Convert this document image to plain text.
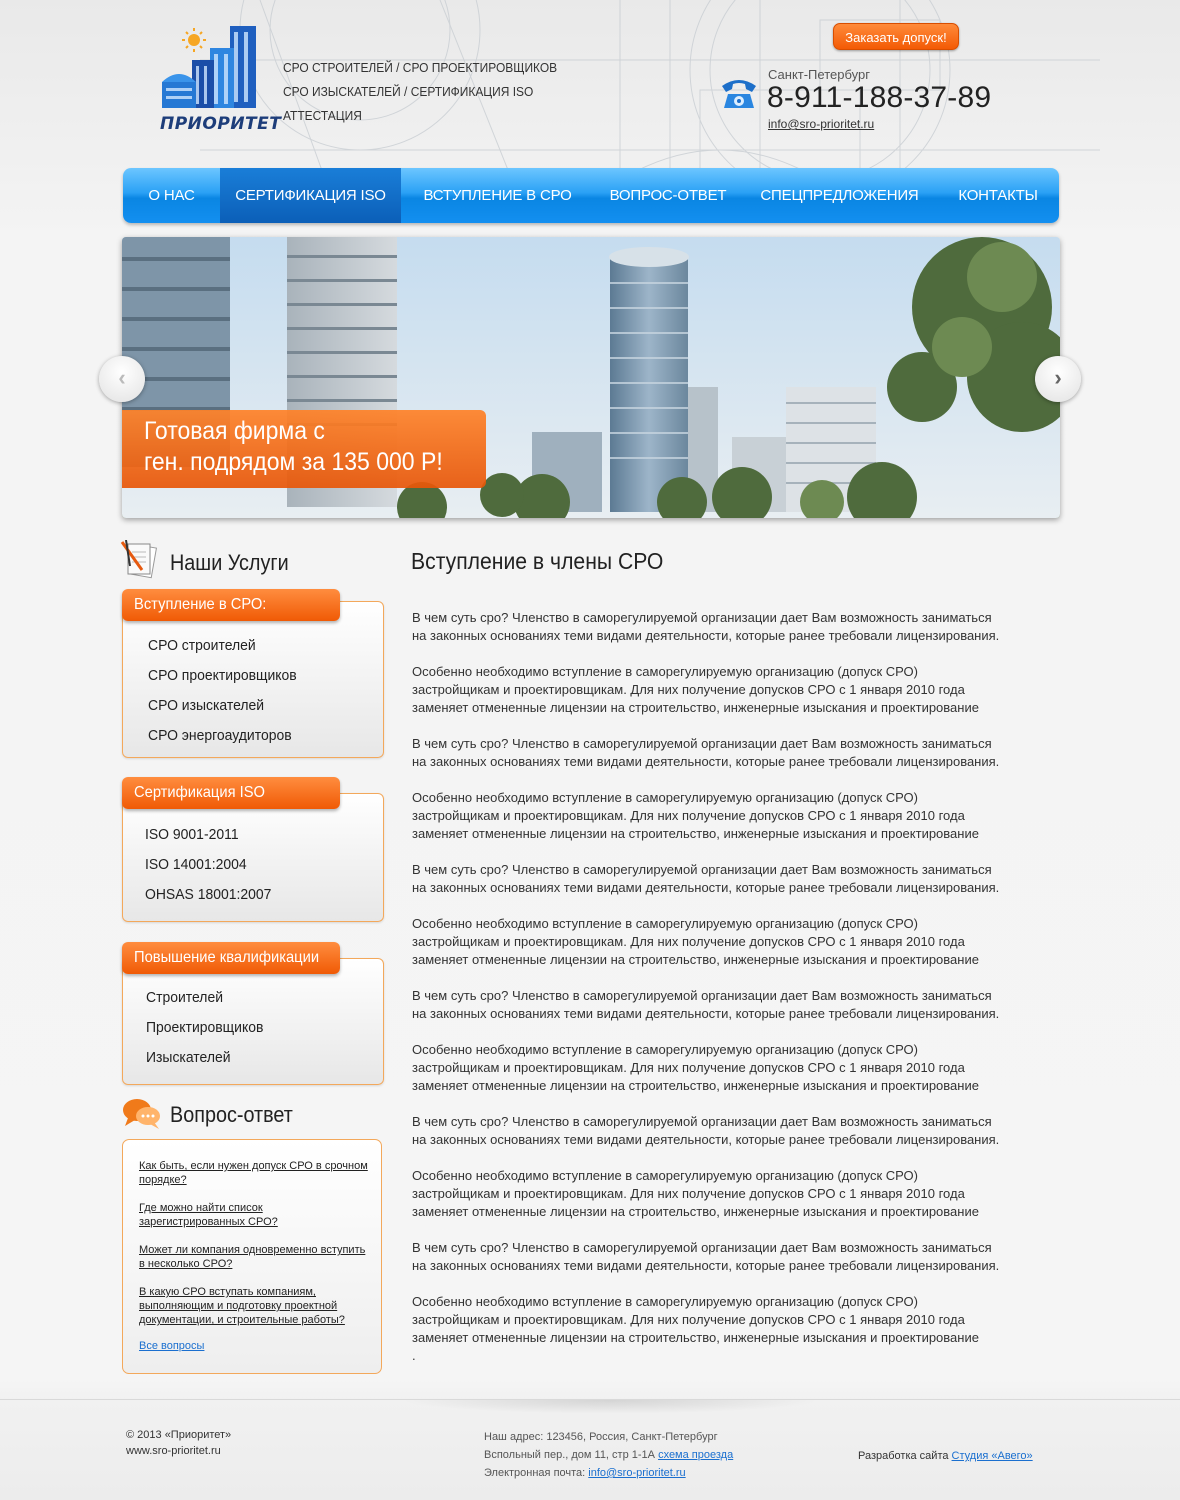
ПРИОРИТЕТ
СРО СТРОИТЕЛЕЙ / СРО ПРОЕКТИРОВЩИКОВ
СРО ИЗЫСКАТЕЛЕЙ / СЕРТИФИКАЦИЯ ISO
АТТЕСТАЦИЯ
Заказать допуск!
Санкт-Петербург
8-911-188-37-89
info@sro-prioritet.ru
О НАС	СЕРТИФИКАЦИЯ ISO	ВСТУПЛЕНИЕ В СРО	ВОПРОС-ОТВЕТ	СПЕЦПРЕДЛОЖЕНИЯ	КОНТАКТЫ
Готовая фирма с
ген. подрядом за 135 000 Р!
‹	›
Наши Услуги
СРО строителей
СРО проектировщиков
СРО изыскателей
СРО энергоаудиторов
Вступление в СРО:
ISO 9001-2011
ISO 14001:2004
OHSAS 18001:2007
Сертификация ISO
Строителей
Проектировщиков
Изыскателей
Повышение квалификации
Вопрос-ответ
Как быть, если нужен допуск СРО в срочном порядке?
Где можно найти список зарегистрированных СРО?
Может ли компания одновременно вступить в несколько СРО?
В какую СРО вступать компаниям, выполняющим и подготовку проектной документации, и строительные работы?
Все вопросы
Вступление в члены СРО

В чем суть сро? Членство в саморегулируемой организации дает Вам возможность заниматься
на законных основаниях теми видами деятельности, которые ранее требовали лицензирования.

Особенно необходимо вступление в саморегулируемую организацию (допуск СРО)
застройщикам и проектировщикам. Для них получение допусков СРО с 1 января 2010 года
заменяет отмененные лицензии на строительство, инженерные изыскания и проектирование

В чем суть сро? Членство в саморегулируемой организации дает Вам возможность заниматься
на законных основаниях теми видами деятельности, которые ранее требовали лицензирования.

Особенно необходимо вступление в саморегулируемую организацию (допуск СРО)
застройщикам и проектировщикам. Для них получение допусков СРО с 1 января 2010 года
заменяет отмененные лицензии на строительство, инженерные изыскания и проектирование

В чем суть сро? Членство в саморегулируемой организации дает Вам возможность заниматься
на законных основаниях теми видами деятельности, которые ранее требовали лицензирования.

Особенно необходимо вступление в саморегулируемую организацию (допуск СРО)
застройщикам и проектировщикам. Для них получение допусков СРО с 1 января 2010 года
заменяет отмененные лицензии на строительство, инженерные изыскания и проектирование

В чем суть сро? Членство в саморегулируемой организации дает Вам возможность заниматься
на законных основаниях теми видами деятельности, которые ранее требовали лицензирования.

Особенно необходимо вступление в саморегулируемую организацию (допуск СРО)
застройщикам и проектировщикам. Для них получение допусков СРО с 1 января 2010 года
заменяет отмененные лицензии на строительство, инженерные изыскания и проектирование

В чем суть сро? Членство в саморегулируемой организации дает Вам возможность заниматься
на законных основаниях теми видами деятельности, которые ранее требовали лицензирования.

Особенно необходимо вступление в саморегулируемую организацию (допуск СРО)
застройщикам и проектировщикам. Для них получение допусков СРО с 1 января 2010 года
заменяет отмененные лицензии на строительство, инженерные изыскания и проектирование

В чем суть сро? Членство в саморегулируемой организации дает Вам возможность заниматься
на законных основаниях теми видами деятельности, которые ранее требовали лицензирования.

Особенно необходимо вступление в саморегулируемую организацию (допуск СРО)
застройщикам и проектировщикам. Для них получение допусков СРО с 1 января 2010 года
заменяет отмененные лицензии на строительство, инженерные изыскания и проектирование

.

© 2013 «Приоритет»
www.sro-prioritet.ru
Наш адрес: 123456, Россия, Санкт-Петербург
Вспольный пер., дом 11, стр 1-1А схема проезда
Электронная почта: info@sro-prioritet.ru
Разработка сайта Студия «Авего»
